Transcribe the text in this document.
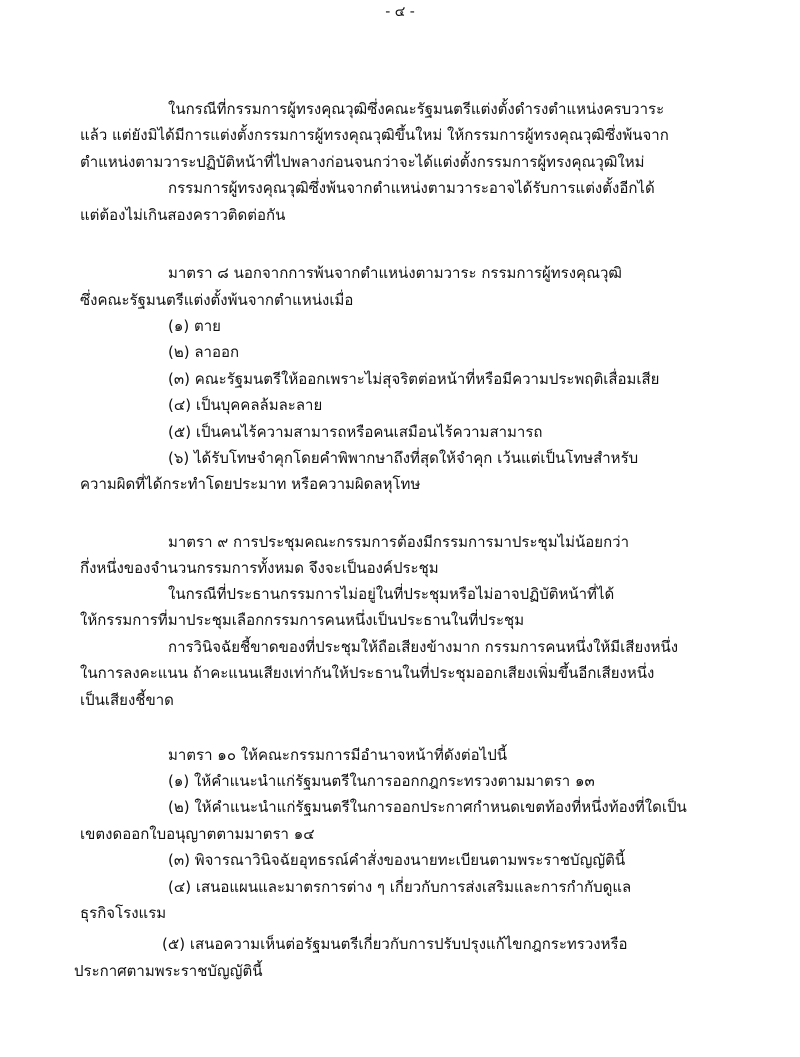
- ๔ -

ในกรณีที่กรรมการผู้ทรงคุณวุฒิซึ่งคณะรัฐมนตรีแต่งตั้งดำรงตำแหน่งครบวาระ

แล้ว แต่ยังมิได้มีการแต่งตั้งกรรมการผู้ทรงคุณวุฒิขึ้นใหม่ ให้กรรมการผู้ทรงคุณวุฒิซึ่งพ้นจาก

ตำแหน่งตามวาระปฏิบัติหน้าที่ไปพลางก่อนจนกว่าจะได้แต่งตั้งกรรมการผู้ทรงคุณวุฒิใหม่

กรรมการผู้ทรงคุณวุฒิซึ่งพ้นจากตำแหน่งตามวาระอาจได้รับการแต่งตั้งอีกได้

แต่ต้องไม่เกินสองคราวติดต่อกัน

มาตรา ๘ นอกจากการพ้นจากตำแหน่งตามวาระ กรรมการผู้ทรงคุณวุฒิ

ซึ่งคณะรัฐมนตรีแต่งตั้งพ้นจากตำแหน่งเมื่อ

(๑) ตาย

(๒) ลาออก

(๓) คณะรัฐมนตรีให้ออกเพราะไม่สุจริตต่อหน้าที่หรือมีความประพฤติเสื่อมเสีย

(๔) เป็นบุคคลล้มละลาย

(๕) เป็นคนไร้ความสามารถหรือคนเสมือนไร้ความสามารถ

(๖) ได้รับโทษจำคุกโดยคำพิพากษาถึงที่สุดให้จำคุก เว้นแต่เป็นโทษสำหรับ

ความผิดที่ได้กระทำโดยประมาท หรือความผิดลหุโทษ

มาตรา ๙ การประชุมคณะกรรมการต้องมีกรรมการมาประชุมไม่น้อยกว่า

กึ่งหนึ่งของจำนวนกรรมการทั้งหมด จึงจะเป็นองค์ประชุม

ในกรณีที่ประธานกรรมการไม่อยู่ในที่ประชุมหรือไม่อาจปฏิบัติหน้าที่ได้

ให้กรรมการที่มาประชุมเลือกกรรมการคนหนึ่งเป็นประธานในที่ประชุม

การวินิจฉัยชี้ขาดของที่ประชุมให้ถือเสียงข้างมาก กรรมการคนหนึ่งให้มีเสียงหนึ่ง

ในการลงคะแนน ถ้าคะแนนเสียงเท่ากันให้ประธานในที่ประชุมออกเสียงเพิ่มขึ้นอีกเสียงหนึ่ง

เป็นเสียงชี้ขาด

มาตรา ๑๐ ให้คณะกรรมการมีอำนาจหน้าที่ดังต่อไปนี้

(๑) ให้คำแนะนำแก่รัฐมนตรีในการออกกฎกระทรวงตามมาตรา ๑๓

(๒) ให้คำแนะนำแก่รัฐมนตรีในการออกประกาศกำหนดเขตท้องที่หนึ่งท้องที่ใดเป็น

เขตงดออกใบอนุญาตตามมาตรา ๑๔

(๓) พิจารณาวินิจฉัยอุทธรณ์คำสั่งของนายทะเบียนตามพระราชบัญญัตินี้

(๔) เสนอแผนและมาตรการต่าง ๆ เกี่ยวกับการส่งเสริมและการกำกับดูแล

ธุรกิจโรงแรม

(๕) เสนอความเห็นต่อรัฐมนตรีเกี่ยวกับการปรับปรุงแก้ไขกฎกระทรวงหรือ

ประกาศตามพระราชบัญญัตินี้
